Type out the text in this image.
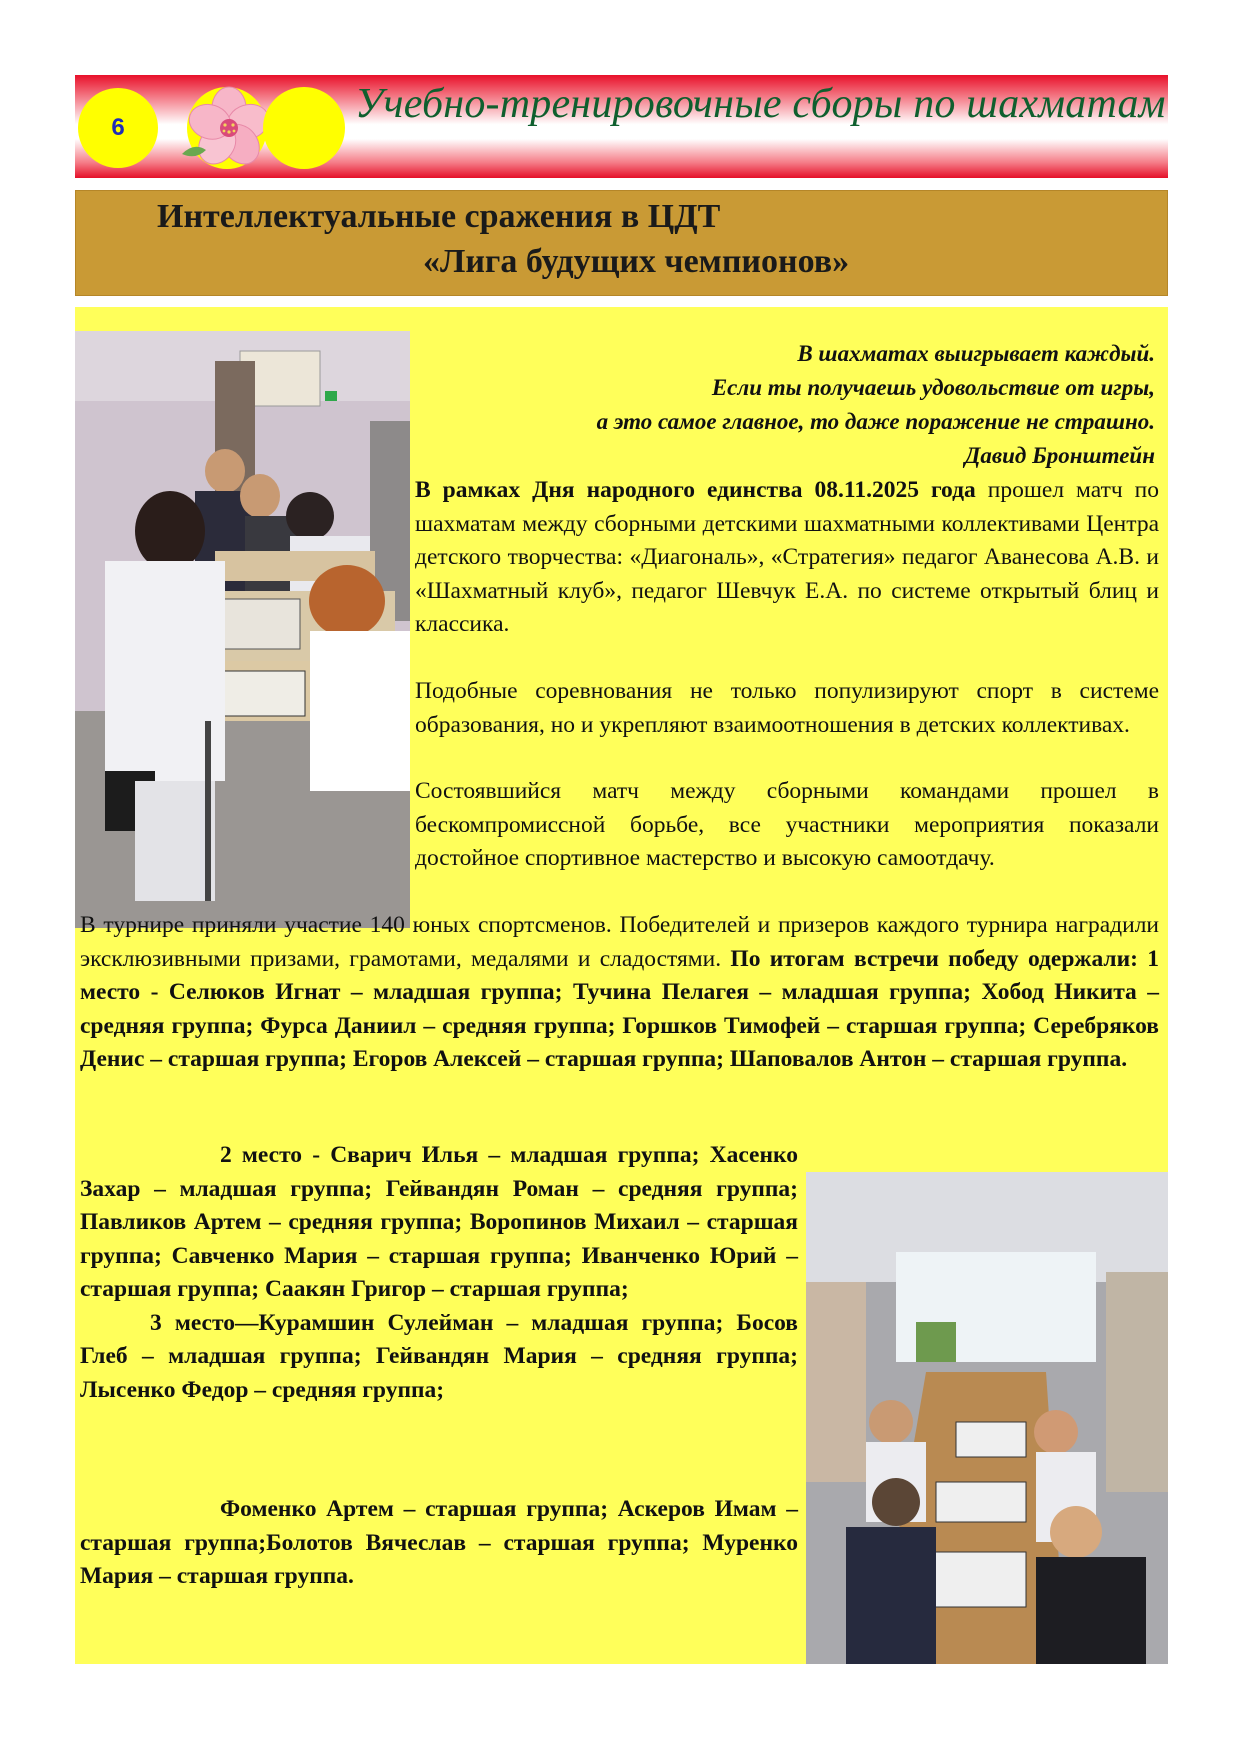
6
Учебно-тренировочные сборы по шахматам
Интеллектуальные сражения в ЦДТ
«Лига будущих чемпионов»
В шахматах выигрывает каждый.
Если ты получаешь удовольствие от игры,
а это самое главное, то даже поражение не страшно.
Давид Бронштейн
В рамках Дня народного единства 08.11.2025 года прошел матч по шахматам между сборными детскими шахматными коллективами Центра детского творчества: «Диагональ», «Стратегия» педагог Аванесова А.В. и «Шахматный клуб», педагог Шевчук Е.А. по системе открытый блиц и классика.
Подобные соревнования не только популизируют спорт в системе образования, но и укрепляют взаимоотношения в детских коллективах.
Состоявшийся матч между сборными командами прошел в бескомпромиссной борьбе, все участники мероприятия показали достойное спортивное мастерство и высокую самоотдачу.
В турнире приняли участие 140 юных спортсменов. Победителей и призеров каждого турнира наградили эксклюзивными призами, грамотами, медалями и сладостями. По итогам встречи победу одержали: 1 место - Селюков Игнат – младшая группа; Тучина Пелагея – младшая группа; Хобод Никита – средняя группа; Фурса Даниил – средняя группа; Горшков Тимофей – старшая группа; Серебряков Денис – старшая группа; Егоров Алексей – старшая группа; Шаповалов Антон – старшая группа.
2 место - Сварич Илья – младшая группа; Хасенко Захар – младшая группа; Гейвандян Роман – средняя группа; Павликов Артем – средняя группа; Воропинов Михаил – старшая группа; Савченко Мария – старшая группа; Иванченко Юрий – старшая группа; Саакян Григор – старшая группа;
3 место—Курамшин Сулейман – младшая группа; Босов Глеб – младшая группа; Гейвандян Мария – средняя группа; Лысенко Федор – средняя группа;
Фоменко Артем – старшая группа; Аскеров Имам – старшая группа;Болотов Вячеслав – старшая группа; Муренко Мария – старшая группа.
